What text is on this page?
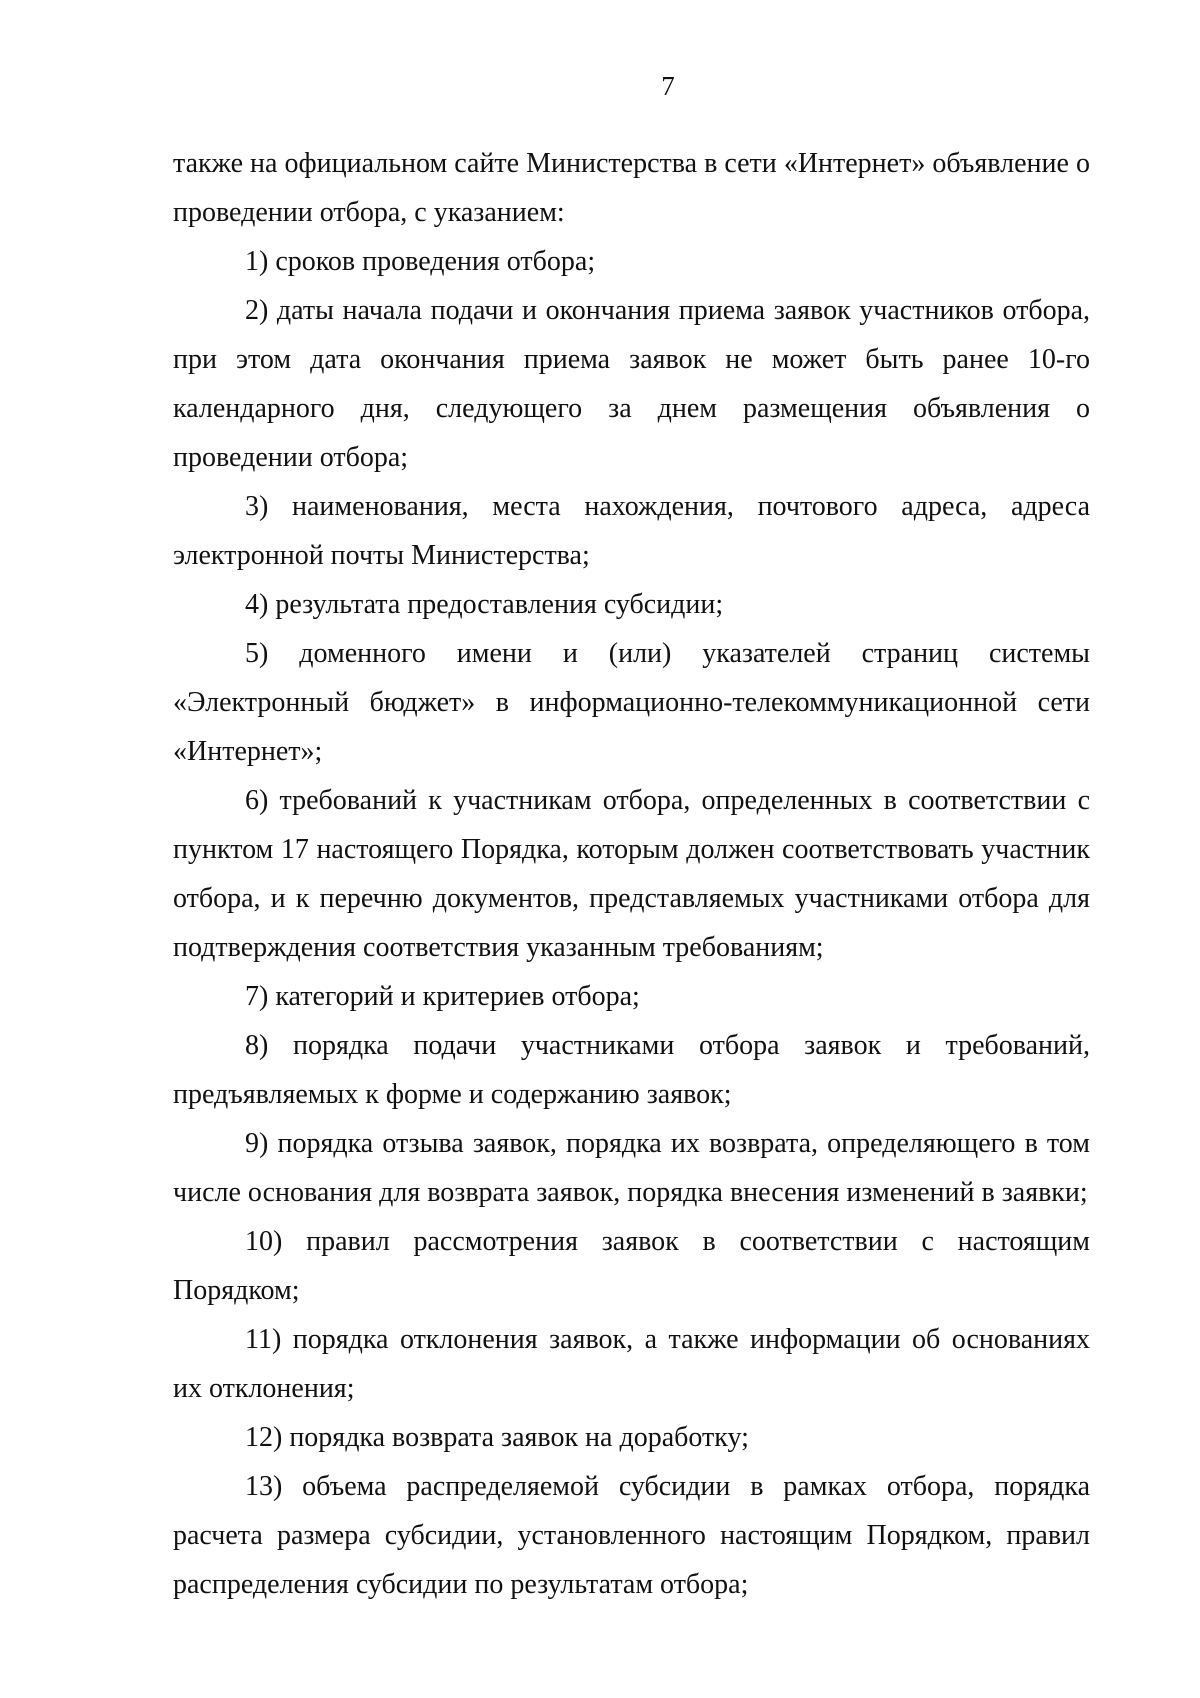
7

также на официальном сайте Министерства в сети «Интернет» объявление о проведении отбора, с указанием:

1) сроков проведения отбора;

2) даты начала подачи и окончания приема заявок участников отбора, при этом дата окончания приема заявок не может быть ранее 10-го календарного дня, следующего за днем размещения объявления о проведении отбора;

3) наименования, места нахождения, почтового адреса, адреса электронной почты Министерства;

4) результата предоставления субсидии;

5) доменного имени и (или) указателей страниц системы «Электронный бюджет» в информационно-телекоммуникационной сети «Интернет»;

6) требований к участникам отбора, определенных в соответствии с пунктом 17 настоящего Порядка, которым должен соответствовать участник отбора, и к перечню документов, представляемых участниками отбора для подтверждения соответствия указанным требованиям;

7) категорий и критериев отбора;

8) порядка подачи участниками отбора заявок и требований, предъявляемых к форме и содержанию заявок;

9) порядка отзыва заявок, порядка их возврата, определяющего в том числе основания для возврата заявок, порядка внесения изменений в заявки;

10) правил рассмотрения заявок в соответствии с настоящим Порядком;

11) порядка отклонения заявок, а также информации об основаниях их отклонения;

12) порядка возврата заявок на доработку;

13) объема распределяемой субсидии в рамках отбора, порядка расчета размера субсидии, установленного настоящим Порядком, правил распределения субсидии по результатам отбора;
